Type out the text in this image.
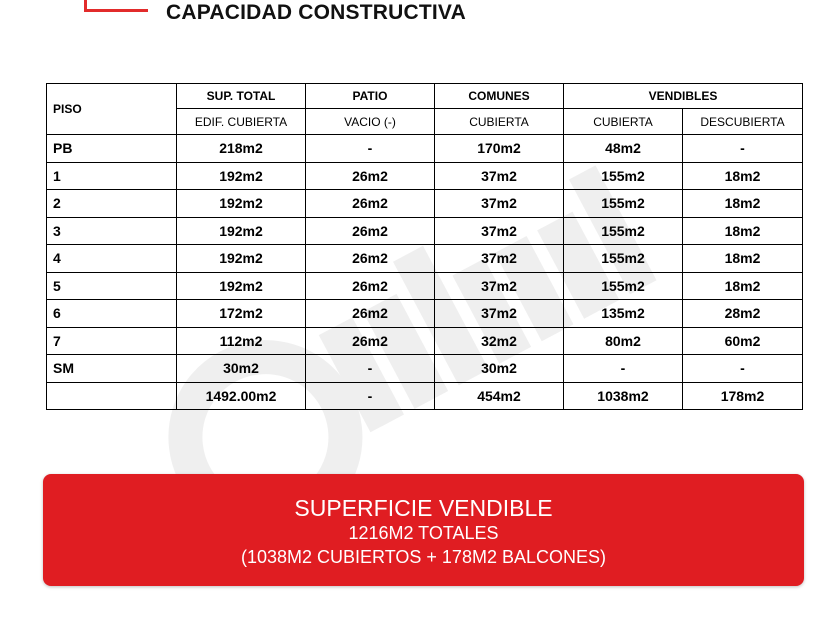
CAPACIDAD CONSTRUCTIVA
PISO	SUP. TOTAL	PATIO	COMUNES	VENDIBLES	
	EDIF. CUBIERTA	VACIO (-)	CUBIERTA	CUBIERTA	DESCUBIERTA
PB	218m2	-	170m2	48m2	-
1	192m2	26m2	37m2	155m2	18m2
2	192m2	26m2	37m2	155m2	18m2
3	192m2	26m2	37m2	155m2	18m2
4	192m2	26m2	37m2	155m2	18m2
5	192m2	26m2	37m2	155m2	18m2
6	172m2	26m2	37m2	135m2	28m2
7	112m2	26m2	32m2	80m2	60m2
SM	30m2	-	30m2	-	-
	1492.00m2	-	454m2	1038m2	178m2
SUPERFICIE VENDIBLE
1216M2 TOTALES
(1038M2 CUBIERTOS + 178M2 BALCONES)
